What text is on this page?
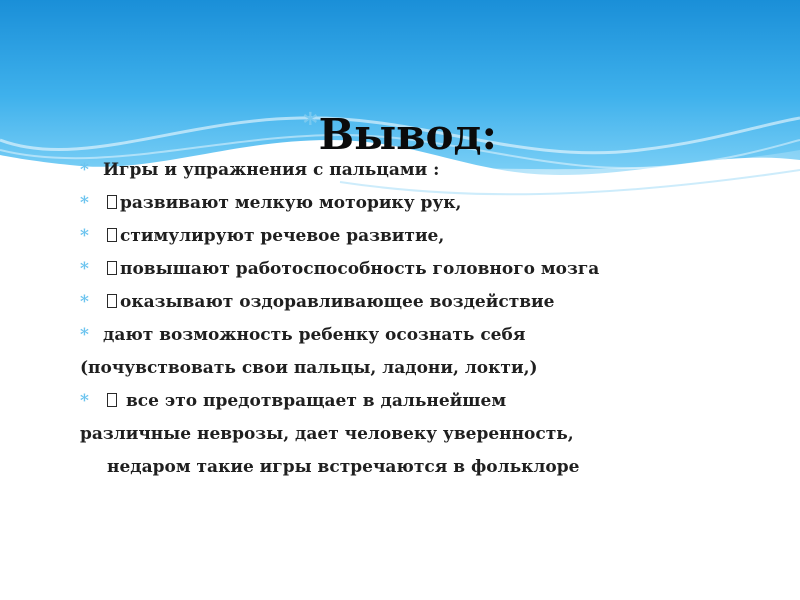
*Вывод:
* Игры и упражнения с пальцами :
* развивают мелкую моторику рук,
* стимулируют речевое развитие,
* повышают работоспособность головного мозга
* оказывают оздоравливающее воздействие
* дают возможность ребенку осознать себя
(почувствовать свои пальцы, ладони, локти,)
* все это предотвращает в дальнейшем
различные неврозы, дает человеку уверенность,
недаром такие игры встречаются в фольклоре
